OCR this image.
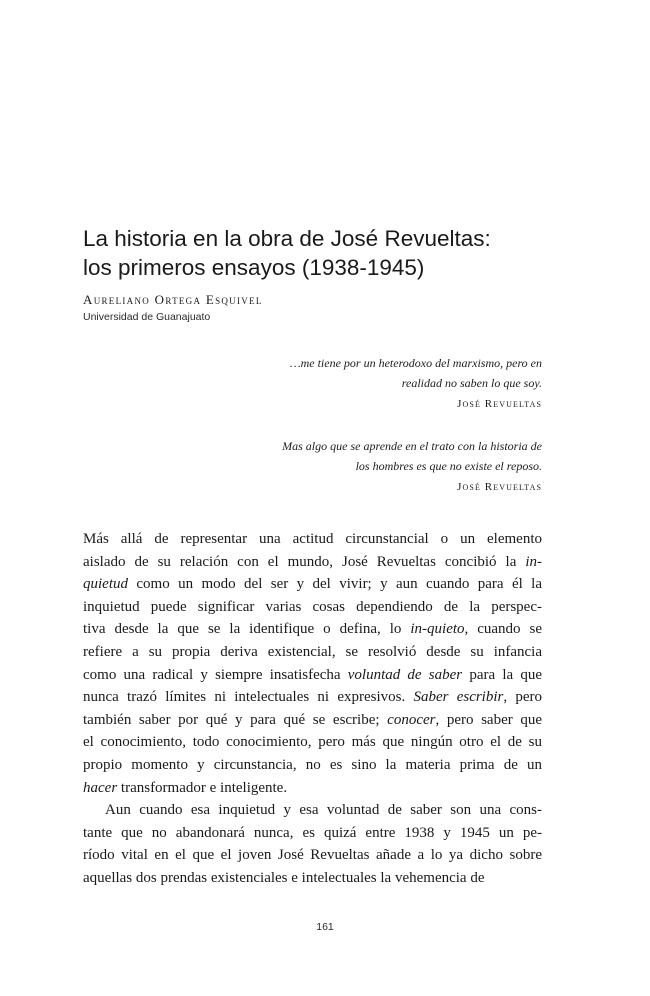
La historia en la obra de José Revueltas:
los primeros ensayos (1938-1945)
Aureliano Ortega Esquivel
Universidad de Guanajuato
…me tiene por un heterodoxo del marxismo, pero en
realidad no saben lo que soy.
José Revueltas
Mas algo que se aprende en el trato con la historia de
los hombres es que no existe el reposo.
José Revueltas
Más allá de representar una actitud circunstancial o un elemento
aislado de su relación con el mundo, José Revueltas concibió la in-
quietud como un modo del ser y del vivir; y aun cuando para él la
inquietud puede significar varias cosas dependiendo de la perspec-
tiva desde la que se la identifique o defina, lo in-quieto, cuando se
refiere a su propia deriva existencial, se resolvió desde su infancia
como una radical y siempre insatisfecha voluntad de saber para la que
nunca trazó límites ni intelectuales ni expresivos. Saber escribir, pero
también saber por qué y para qué se escribe; conocer, pero saber que
el conocimiento, todo conocimiento, pero más que ningún otro el de su
propio momento y circunstancia, no es sino la materia prima de un
hacer transformador e inteligente.
Aun cuando esa inquietud y esa voluntad de saber son una cons-
tante que no abandonará nunca, es quizá entre 1938 y 1945 un pe-
ríodo vital en el que el joven José Revueltas añade a lo ya dicho sobre
aquellas dos prendas existenciales e intelectuales la vehemencia de
161
